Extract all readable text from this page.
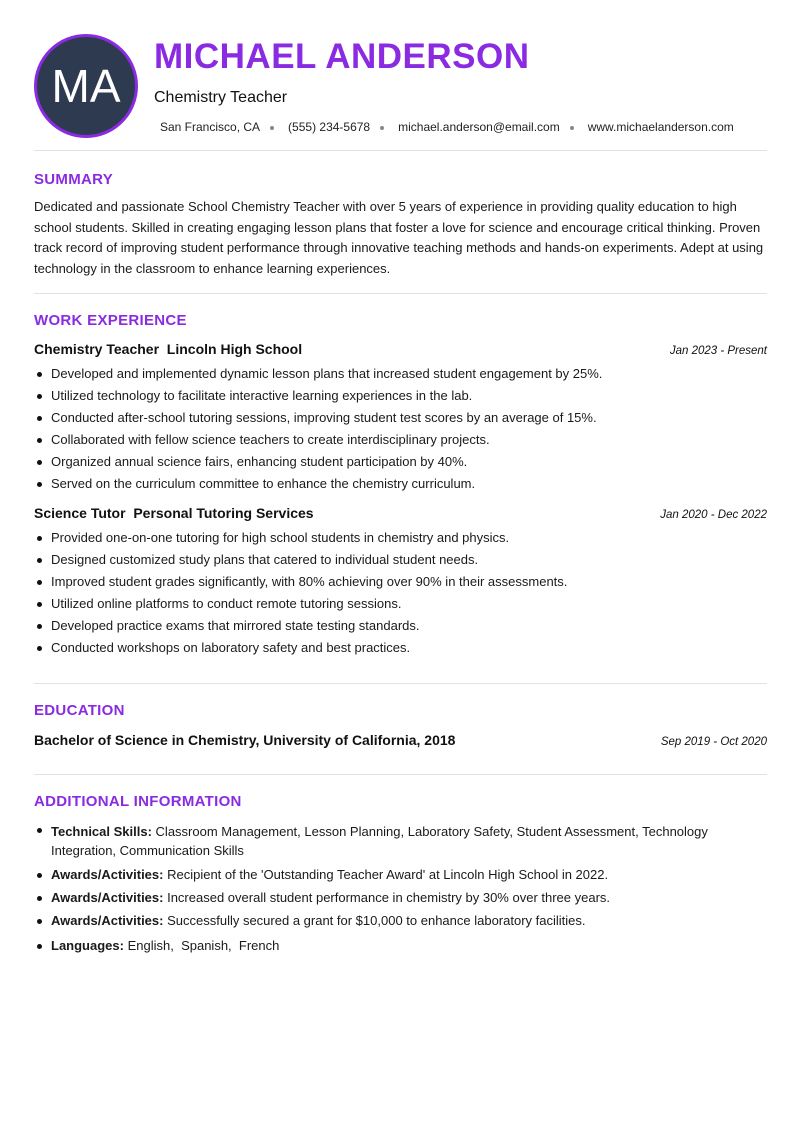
MA
MICHAEL ANDERSON
Chemistry Teacher
San Francisco, CA (555) 234-5678 michael.anderson@email.com www.michaelanderson.com
SUMMARY
Dedicated and passionate School Chemistry Teacher with over 5 years of experience in providing quality education to high school students. Skilled in creating engaging lesson plans that foster a love for science and encourage critical thinking. Proven track record of improving student performance through innovative teaching methods and hands-on experiments. Adept at using technology in the classroom to enhance learning experiences.
WORK EXPERIENCE
Chemistry Teacher  Lincoln High School	Jan 2023 - Present
Developed and implemented dynamic lesson plans that increased student engagement by 25%.
Utilized technology to facilitate interactive learning experiences in the lab.
Conducted after-school tutoring sessions, improving student test scores by an average of 15%.
Collaborated with fellow science teachers to create interdisciplinary projects.
Organized annual science fairs, enhancing student participation by 40%.
Served on the curriculum committee to enhance the chemistry curriculum.
Science Tutor  Personal Tutoring Services	Jan 2020 - Dec 2022
Provided one-on-one tutoring for high school students in chemistry and physics.
Designed customized study plans that catered to individual student needs.
Improved student grades significantly, with 80% achieving over 90% in their assessments.
Utilized online platforms to conduct remote tutoring sessions.
Developed practice exams that mirrored state testing standards.
Conducted workshops on laboratory safety and best practices.
EDUCATION
Bachelor of Science in Chemistry, University of California, 2018	Sep 2019 - Oct 2020
ADDITIONAL INFORMATION
Technical Skills: Classroom Management, Lesson Planning, Laboratory Safety, Student Assessment, Technology Integration, Communication Skills
Awards/Activities: Recipient of the 'Outstanding Teacher Award' at Lincoln High School in 2022.
Awards/Activities: Increased overall student performance in chemistry by 30% over three years.
Awards/Activities: Successfully secured a grant for $10,000 to enhance laboratory facilities.
Languages: English,  Spanish,  French
